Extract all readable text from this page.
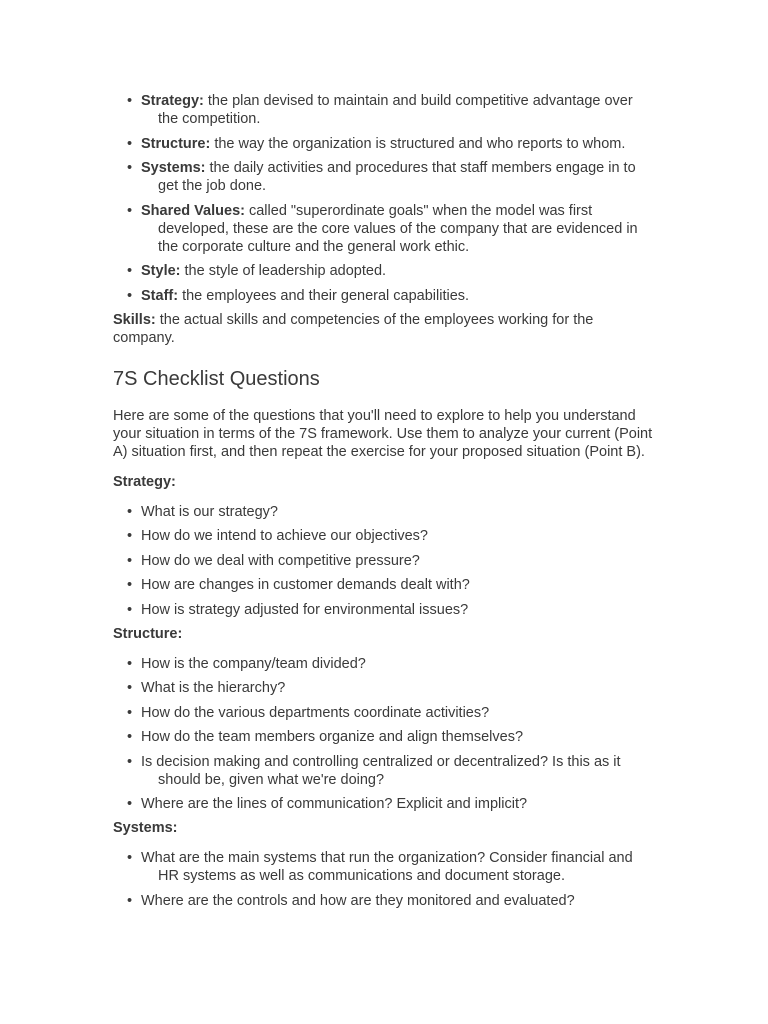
• Strategy: the plan devised to maintain and build competitive advantage over the competition.
• Structure: the way the organization is structured and who reports to whom.
• Systems: the daily activities and procedures that staff members engage in to get the job done.
• Shared Values: called "superordinate goals" when the model was first developed, these are the core values of the company that are evidenced in the corporate culture and the general work ethic.
• Style: the style of leadership adopted.
• Staff: the employees and their general capabilities.

Skills: the actual skills and competencies of the employees working for the company.

7S Checklist Questions

Here are some of the questions that you'll need to explore to help you understand your situation in terms of the 7S framework. Use them to analyze your current (Point A) situation first, and then repeat the exercise for your proposed situation (Point B).

Strategy:
• What is our strategy?
• How do we intend to achieve our objectives?
• How do we deal with competitive pressure?
• How are changes in customer demands dealt with?
• How is strategy adjusted for environmental issues?
Structure:
• How is the company/team divided?
• What is the hierarchy?
• How do the various departments coordinate activities?
• How do the team members organize and align themselves?
• Is decision making and controlling centralized or decentralized? Is this as it should be, given what we're doing?
• Where are the lines of communication? Explicit and implicit?
Systems:
• What are the main systems that run the organization? Consider financial and HR systems as well as communications and document storage.
• Where are the controls and how are they monitored and evaluated?
